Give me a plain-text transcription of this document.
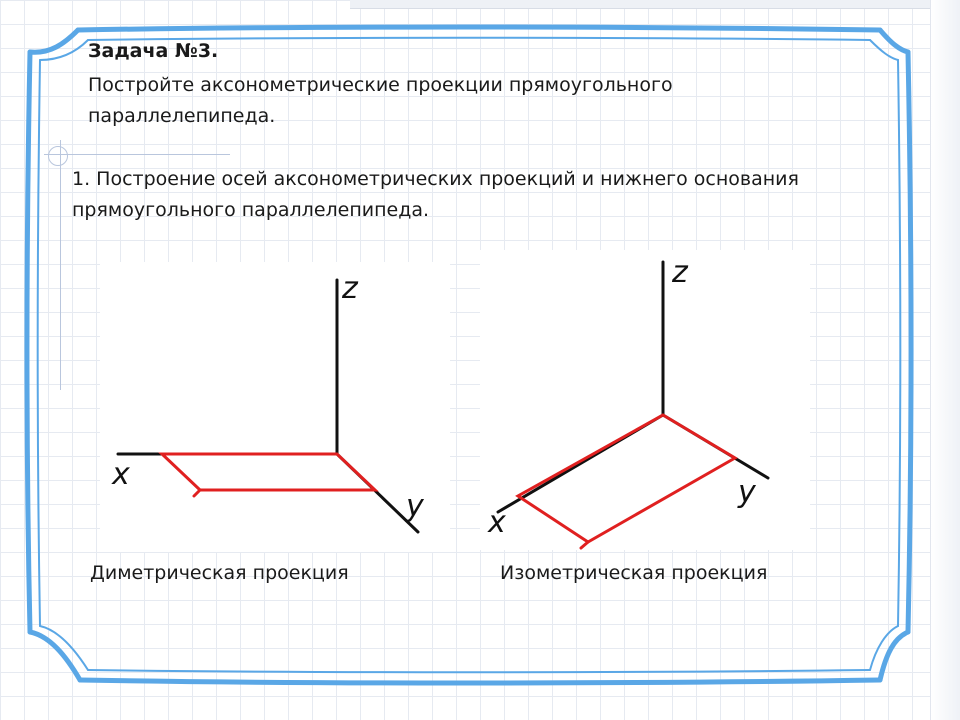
Задача №3.

Постройте аксонометрические проекции прямоугольного параллелепипеда.

1. Построение осей аксонометрических проекций и нижнего основания прямоугольного параллелепипеда.

z
x
y
z
x
y

Диметрическая проекция	Изометрическая проекция
